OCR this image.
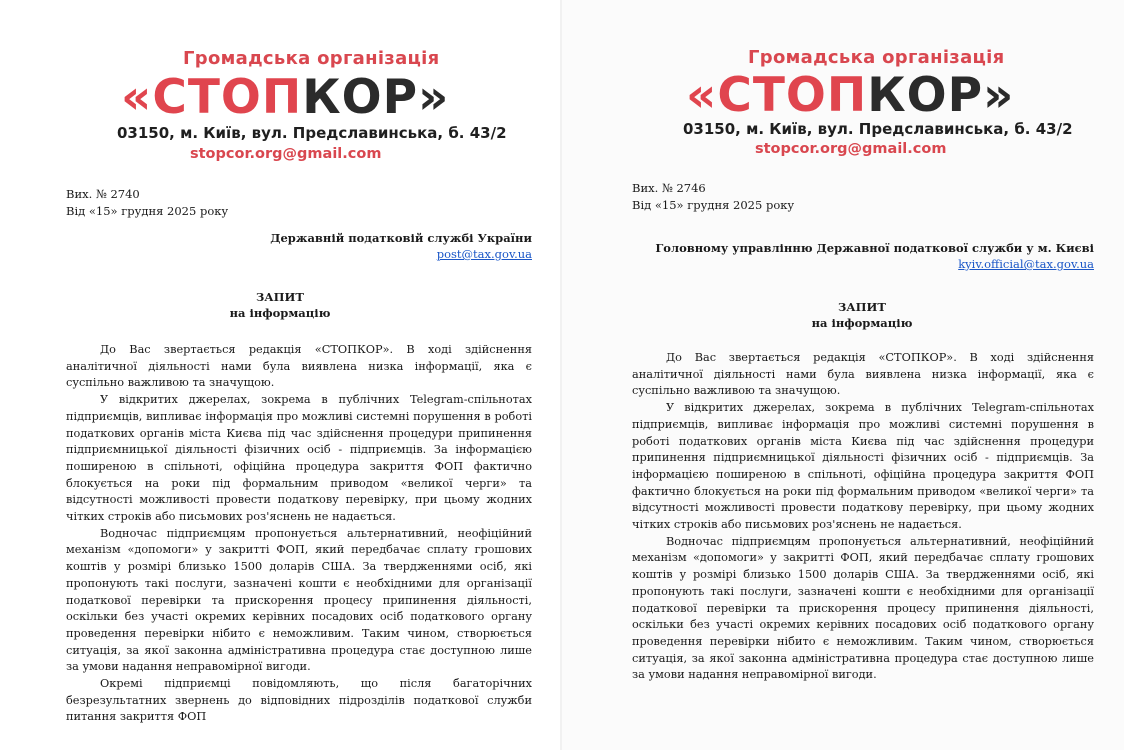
Громадська організація
«СТОПКОР»
03150, м. Київ, вул. Предславинська, б. 43/2
stopcor.org@gmail.com
Вих. № 2740
Від «15» грудня 2025 року
Державній податковій службі України
post@tax.gov.ua
ЗАПИТ
на інформацію

До Вас звертається редакція «СТОПКОР». В ході здійснення аналітичної діяльності нами була виявлена низка інформації, яка є суспільно важливою та значущою.

У відкритих джерелах, зокрема в публічних Telegram-спільнотах підприємців, випливає інформація про можливі системні порушення в роботі податкових органів міста Києва під час здійснення процедури припинення підприємницької діяльності фізичних осіб - підприємців. За інформацією поширеною в спільноті, офіційна процедура закриття ФОП фактично блокується на роки під формальним приводом «великої черги» та відсутності можливості провести податкову перевірку, при цьому жодних чітких строків або письмових роз'яснень не надається.

Водночас підприємцям пропонується альтернативний, неофіційний механізм «допомоги» у закритті ФОП, який передбачає сплату грошових коштів у розмірі близько 1500 доларів США. За твердженнями осіб, які пропонують такі послуги, зазначені кошти є необхідними для організації податкової перевірки та прискорення процесу припинення діяльності, оскільки без участі окремих керівних посадових осіб податкового органу проведення перевірки нібито є неможливим. Таким чином, створюється ситуація, за якої законна адміністративна процедура стає доступною лише за умови надання неправомірної вигоди.

Окремі підприємці повідомляють, що після багаторічних безрезультатних звернень до відповідних підрозділів податкової служби питання закриття ФОП

Громадська організація
«СТОПКОР»
03150, м. Київ, вул. Предславинська, б. 43/2
stopcor.org@gmail.com
Вих. № 2746
Від «15» грудня 2025 року
Головному управлінню Державної податкової служби у м. Києві
kyiv.official@tax.gov.ua
ЗАПИТ
на інформацію

До Вас звертається редакція «СТОПКОР». В ході здійснення аналітичної діяльності нами була виявлена низка інформації, яка є суспільно важливою та значущою.

У відкритих джерелах, зокрема в публічних Telegram-спільнотах підприємців, випливає інформація про можливі системні порушення в роботі податкових органів міста Києва під час здійснення процедури припинення підприємницької діяльності фізичних осіб - підприємців. За інформацією поширеною в спільноті, офіційна процедура закриття ФОП фактично блокується на роки під формальним приводом «великої черги» та відсутності можливості провести податкову перевірку, при цьому жодних чітких строків або письмових роз'яснень не надається.

Водночас підприємцям пропонується альтернативний, неофіційний механізм «допомоги» у закритті ФОП, який передбачає сплату грошових коштів у розмірі близько 1500 доларів США. За твердженнями осіб, які пропонують такі послуги, зазначені кошти є необхідними для організації податкової перевірки та прискорення процесу припинення діяльності, оскільки без участі окремих керівних посадових осіб податкового органу проведення перевірки нібито є неможливим. Таким чином, створюється ситуація, за якої законна адміністративна процедура стає доступною лише за умови надання неправомірної вигоди.
